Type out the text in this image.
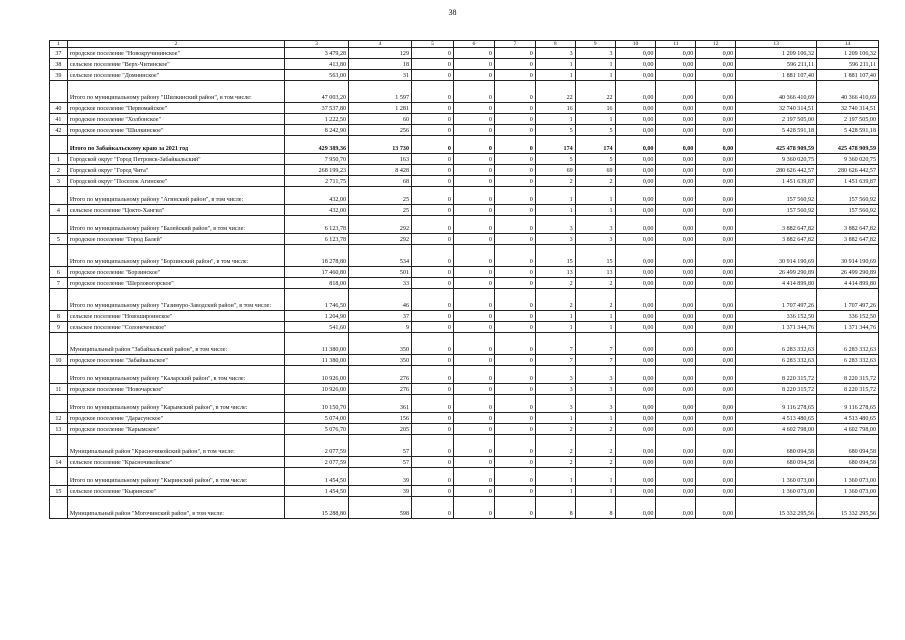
38
1	2	3	4	5	6	7	8	9	10	11	12	13	14
37	городское поселение "Новокручининское"	3 479,28	129	0	0	0	3	3	0,00	0,00	0,00	1 209 106,32	1 209 106,32
38	сельское поселение "Верх-Читинское"	413,80	18	0	0	0	1	1	0,00	0,00	0,00	596 211,11	596 211,11
39	сельское поселение "Домнинское"	563,00	31	0	0	0	1	1	0,00	0,00	0,00	1 881 107,40	1 881 107,40
	Итого по муниципальному району "Шилкинский район", в том числе:	47 003,20	1 597	0	0	0	22	22	0,00	0,00	0,00	40 366 410,69	40 366 410,69
40	городское поселение "Первомайское"	37 537,80	1 281	0	0	0	16	16	0,00	0,00	0,00	32 740 314,51	32 740 314,51
41	городское поселение "Холбонское"	1 222,50	60	0	0	0	1	1	0,00	0,00	0,00	2 197 505,00	2 197 505,00
42	городское поселение "Шилкинское"	8 242,90	256	0	0	0	5	5	0,00	0,00	0,00	5 428 591,18	5 428 591,18
	Итого по Забайкальскому краю за 2021 год	429 389,36	13 730	0	0	0	174	174	0,00	0,00	0,00	425 478 909,59	425 478 909,59
1	Городской округ "Город Петровск-Забайкальский"	7 950,70	163	0	0	0	5	5	0,00	0,00	0,00	9 360 020,75	9 360 020,75
2	Городской округ "Город Чита"	268 199,23	8 428	0	0	0	69	69	0,00	0,00	0,00	280 626 442,57	280 626 442,57
3	Городской округ "Поселок Агинское"	2 711,75	68	0	0	0	2	2	0,00	0,00	0,00	1 451 639,87	1 451 639,87
	Итого по муниципальному району "Агинский район", в том числе:	432,00	25	0	0	0	1	1	0,00	0,00	0,00	157 560,92	157 560,92
4	сельское поселение "Цокто-Хангил"	432,00	25	0	0	0	1	1	0,00	0,00	0,00	157 560,92	157 560,92
	Итого по муниципальному району "Балейский район", в том числе:	6 123,78	292	0	0	0	3	3	0,00	0,00	0,00	3 882 647,82	3 882 647,82
5	городское поселение "Город Балей"	6 123,78	292	0	0	0	3	3	0,00	0,00	0,00	3 882 647,82	3 882 647,82
	Итого по муниципальному району "Борзинский район", в том числе:	18 278,80	534	0	0	0	15	15	0,00	0,00	0,00	30 914 190,69	30 914 190,69
6	городское поселение "Борзинское"	17 460,80	501	0	0	0	13	13	0,00	0,00	0,00	26 499 290,89	26 499 290,89
7	городское поселение "Шерловогорское"	818,00	33	0	0	0	2	2	0,00	0,00	0,00	4 414 899,80	4 414 899,80
	Итого по муниципальному району "Газимуро-Заводский район", в том числе:	1 746,50	46	0	0	0	2	2	0,00	0,00	0,00	1 707 497,26	1 707 497,26
8	сельское поселение "Новошироинское"	1 204,90	37	0	0	0	1	1	0,00	0,00	0,00	336 152,50	336 152,50
9	сельское поселение "Солонеченское"	541,60	9	0	0	0	1	1	0,00	0,00	0,00	1 371 344,76	1 371 344,76
	Муниципальный район "Забайкальский район", в том числе:	11 380,00	350	0	0	0	7	7	0,00	0,00	0,00	6 283 332,63	6 283 332,63
10	городское поселение "Забайкальское"	11 380,00	350	0	0	0	7	7	0,00	0,00	0,00	6 283 332,63	6 283 332,63
	Итого по муниципальному району "Каларский район", в том числе:	10 926,00	276	0	0	0	3	3	0,00	0,00	0,00	8 220 315,72	8 220 315,72
11	городское поселение "Новочарское"	10 926,00	276	0	0	0	3	3	0,00	0,00	0,00	8 220 315,72	8 220 315,72
	Итого по муниципальному району "Карымский район", в том числе:	10 150,70	361	0	0	0	3	3	0,00	0,00	0,00	9 116 278,65	9 116 278,65
12	городское поселение "Дарасунское"	5 074,00	156	0	0	0	1	1	0,00	0,00	0,00	4 513 480,65	4 513 480,65
13	городское поселение "Карымское"	5 076,70	205	0	0	0	2	2	0,00	0,00	0,00	4 602 798,00	4 602 798,00
	Муниципальный район "Красночикойский район", в том числе:	2 077,59	57	0	0	0	2	2	0,00	0,00	0,00	680 094,58	680 094,58
14	сельское поселение "Красночикойское"	2 077,59	57	0	0	0	2	2	0,00	0,00	0,00	680 094,58	680 094,58
	Итого по муниципальному району "Кыринский район", в том числе:	1 454,50	39	0	0	0	1	1	0,00	0,00	0,00	1 360 073,00	1 360 073,00
15	сельское поселение "Кыринское"	1 454,50	39	0	0	0	1	1	0,00	0,00	0,00	1 360 073,00	1 360 073,00
	Муниципальный район "Могочинский район", в том числе:	15 288,80	598	0	0	0	8	8	0,00	0,00	0,00	15 332 295,56	15 332 295,56
